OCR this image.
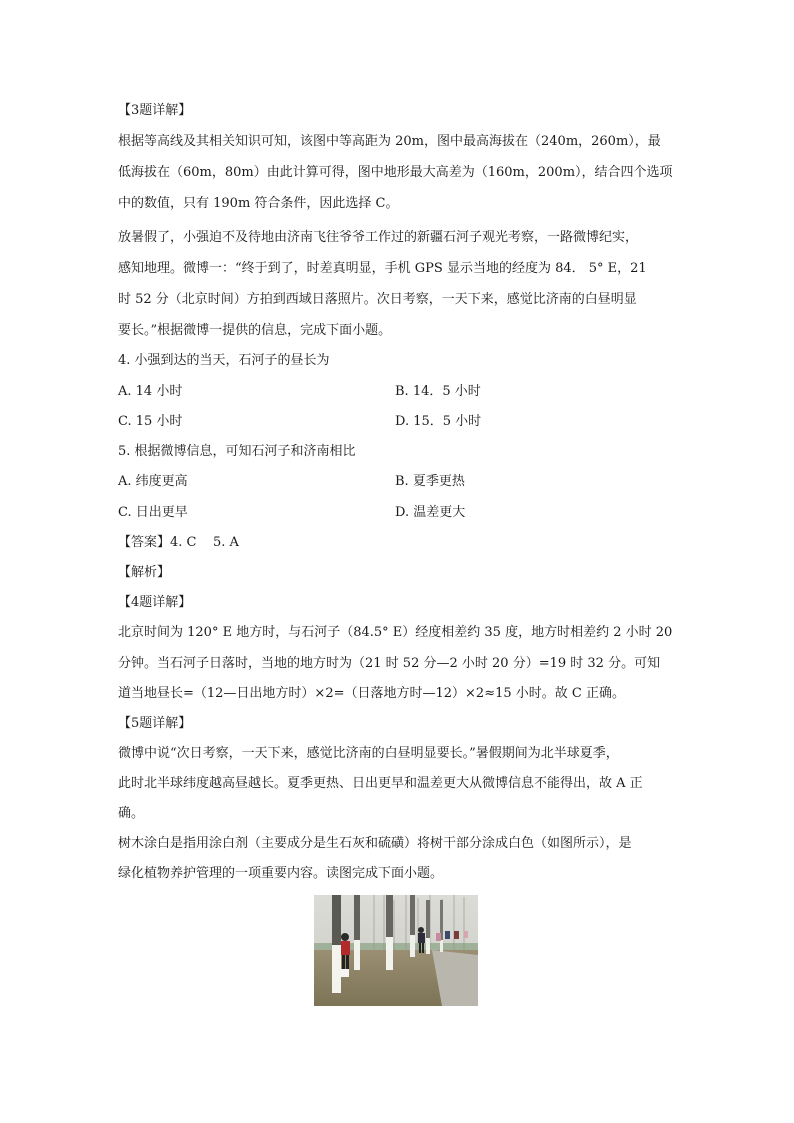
【3题详解】
根据等高线及其相关知识可知，该图中等高距为 20m，图中最高海拔在（240m，260m），最
低海拔在（60m，80m）由此计算可得，图中地形最大高差为（160m，200m），结合四个选项
中的数值，只有 190m 符合条件，因此选择 C。
放暑假了，小强迫不及待地由济南飞往爷爷工作过的新疆石河子观光考察，一路微博纪实，
感知地理。微博一：“终于到了，时差真明显，手机 GPS 显示当地的经度为 84． 5° E，21
时 52 分（北京时间）方拍到西域日落照片。次日考察，一天下来，感觉比济南的白昼明显
要长。”根据微博一提供的信息，完成下面小题。
4. 小强到达的当天，石河子的昼长为
A. 14 小时	B. 14．5 小时
C. 15 小时	D. 15．5 小时
5. 根据微博信息，可知石河子和济南相比
A. 纬度更高	B. 夏季更热
C. 日出更早	D. 温差更大
【答案】4. C    5. A
【解析】
【4题详解】
北京时间为 120° E 地方时，与石河子（84.5° E）经度相差约 35 度，地方时相差约 2 小时 20
分钟。当石河子日落时，当地的地方时为（21 时 52 分—2 小时 20 分）=19 时 32 分。可知
道当地昼长=（12—日出地方时）×2=（日落地方时—12）×2≈15 小时。故 C 正确。
【5题详解】
微博中说“次日考察，一天下来，感觉比济南的白昼明显要长。”暑假期间为北半球夏季，
此时北半球纬度越高昼越长。夏季更热、日出更早和温差更大从微博信息不能得出，故 A 正
确。
树木涂白是指用涂白剂（主要成分是生石灰和硫磺）将树干部分涂成白色（如图所示），是
绿化植物养护管理的一项重要内容。读图完成下面小题。
